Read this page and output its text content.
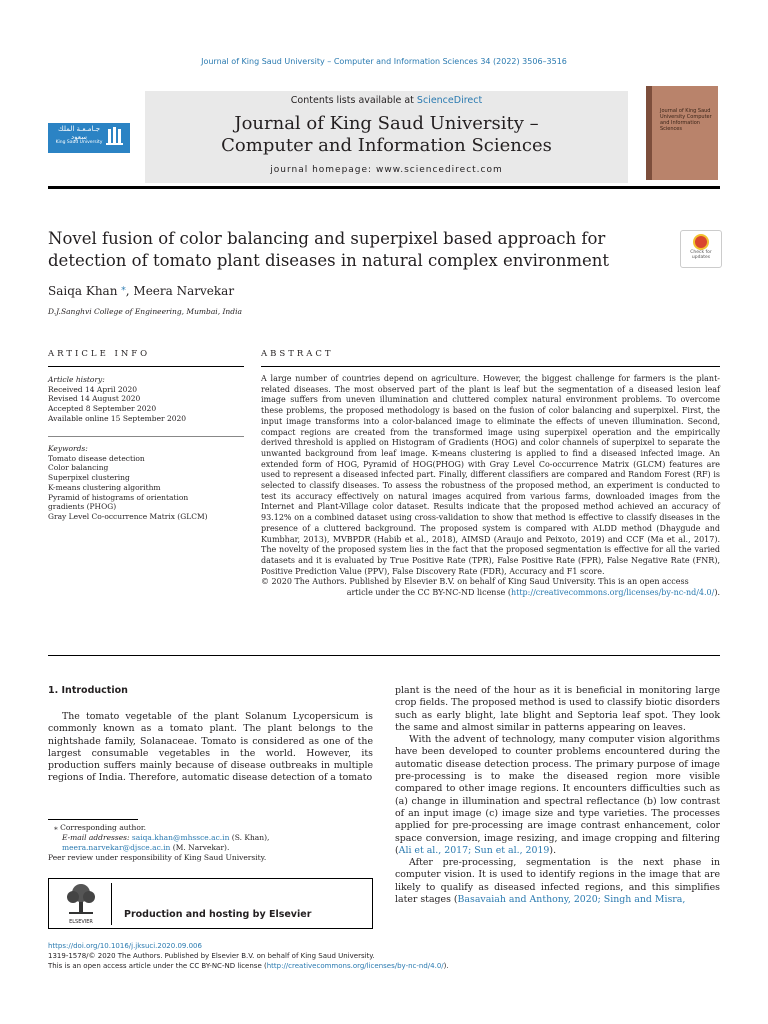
Journal of King Saud University – Computer and Information Sciences 34 (2022) 3506–3516
جـامـعـة الملك سعود
King Saud University
Contents lists available at ScienceDirect
Journal of King Saud University –
Computer and Information Sciences
journal homepage: www.sciencedirect.com
Journal of King Saud University Computer and Information Sciences
Novel fusion of color balancing and superpixel based approach for
detection of tomato plant diseases in natural complex environment	Check for updates
Saiqa Khan ⁎, Meera Narvekar
D.J.Sanghvi College of Engineering, Mumbai, India
ARTICLE INFO
Article history:
Received 14 April 2020
Revised 14 August 2020
Accepted 8 September 2020
Available online 15 September 2020
Keywords:
Tomato disease detection
Color balancing
Superpixel clustering
K-means clustering algorithm
Pyramid of histograms of orientation
gradients (PHOG)
Gray Level Co-occurrence Matrix (GLCM)
ABSTRACT

A large number of countries depend on agriculture. However, the biggest challenge for farmers is the plant-related diseases. The most observed part of the plant is leaf but the segmentation of a diseased lesion leaf image suffers from uneven illumination and cluttered complex natural environment problems. To overcome these problems, the proposed methodology is based on the fusion of color balancing and superpixel. First, the input image transforms into a color-balanced image to eliminate the effects of uneven illumination. Second, compact regions are created from the transformed image using superpixel operation and the empirically derived threshold is applied on Histogram of Gradients (HOG) and color channels of superpixel to separate the unwanted background from leaf image. K-means clustering is applied to find a diseased infected image. An extended form of HOG, Pyramid of HOG(PHOG) with Gray Level Co-occurrence Matrix (GLCM) features are used to represent a diseased infected part. Finally, different classifiers are compared and Random Forest (RF) is selected to classify diseases. To assess the robustness of the proposed method, an experiment is conducted to test its accuracy effectively on natural images acquired from various farms, downloaded images from the Internet and Plant-Village color dataset. Results indicate that the proposed method achieved an accuracy of 93.12% on a combined dataset using cross-validation to show that method is effective to classify diseases in the presence of a cluttered background. The proposed system is compared with ALDD method (Dhaygude and Kumbhar, 2013), MVBPDR (Habib et al., 2018), AIMSD (Araujo and Peixoto, 2019) and CCF (Ma et al., 2017). The novelty of the proposed system lies in the fact that the proposed segmentation is effective for all the varied datasets and it is evaluated by True Positive Rate (TPR), False Positive Rate (FPR), False Negative Rate (FNR), Positive Prediction Value (PPV), False Discovery Rate (FDR), Accuracy and F1 score.

© 2020 The Authors. Published by Elsevier B.V. on behalf of King Saud University. This is an open access

article under the CC BY-NC-ND license (http://creativecommons.org/licenses/by-nc-nd/4.0/).

1. Introduction

The tomato vegetable of the plant Solanum Lycopersicum is commonly known as a tomato plant. The plant belongs to the nightshade family, Solanaceae. Tomato is considered as one of the largest consumable vegetables in the world. However, its production suffers mainly because of disease outbreaks in multiple regions of India. Therefore, automatic disease detection of a tomato

plant is the need of the hour as it is beneficial in monitoring large crop fields. The proposed method is used to classify biotic disorders such as early blight, late blight and Septoria leaf spot. They look the same and almost similar in patterns appearing on leaves.

With the advent of technology, many computer vision algorithms have been developed to counter problems encountered during the automatic disease detection process. The primary purpose of image pre-processing is to make the diseased region more visible compared to other image regions. It encounters difficulties such as (a) change in illumination and spectral reflectance (b) low contrast of an input image (c) image size and type varieties. The processes applied for pre-processing are image contrast enhancement, color space conversion, image resizing, and image cropping and filtering (Ali et al., 2017; Sun et al., 2019).

After pre-processing, segmentation is the next phase in computer vision. It is used to identify regions in the image that are likely to qualify as diseased infected regions, and this simplifies later stages (Basavaiah and Anthony, 2020; Singh and Misra,

⁎ Corresponding author.
E-mail addresses: saiqa.khan@mhssce.ac.in (S. Khan), meera.narvekar@djsce.ac.in (M. Narvekar).
Peer review under responsibility of King Saud University.
ELSEVIER
Production and hosting by Elsevier
https://doi.org/10.1016/j.jksuci.2020.09.006
1319-1578/© 2020 The Authors. Published by Elsevier B.V. on behalf of King Saud University.
This is an open access article under the CC BY-NC-ND license (http://creativecommons.org/licenses/by-nc-nd/4.0/).
